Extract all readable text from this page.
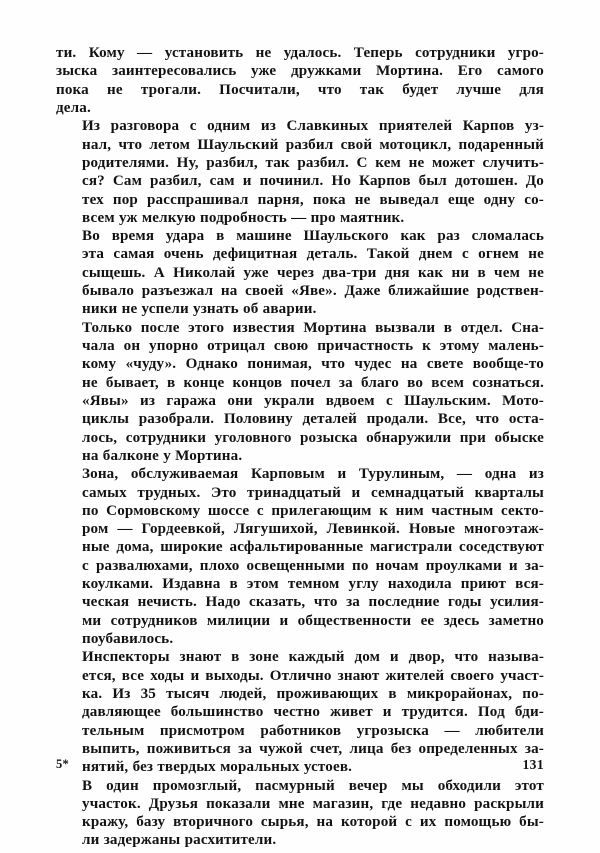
ти. Кому — установить не удалось. Теперь сотрудники угро-
зыска заинтересовались уже дружками Мортина. Его самого
пока не трогали. Посчитали, что так будет лучше для
дела.

Из разговора с одним из Славкиных приятелей Карпов уз-
нал, что летом Шаульский разбил свой мотоцикл, подаренный
родителями. Ну, разбил, так разбил. С кем не может случить-
ся? Сам разбил, сам и починил. Но Карпов был дотошен. До
тех пор расспрашивал парня, пока не выведал еще одну со-
всем уж мелкую подробность — про маятник.

Во время удара в машине Шаульского как раз сломалась
эта самая очень дефицитная деталь. Такой днем с огнем не
сыщешь. А Николай уже через два-три дня как ни в чем не
бывало разъезжал на своей «Яве». Даже ближайшие родствен-
ники не успели узнать об аварии.

Только после этого известия Мортина вызвали в отдел. Сна-
чала он упорно отрицал свою причастность к этому малень-
кому «чуду». Однако понимая, что чудес на свете вообще-то
не бывает, в конце концов почел за благо во всем сознаться.
«Явы» из гаража они украли вдвоем с Шаульским. Мото-
циклы разобрали. Половину деталей продали. Все, что оста-
лось, сотрудники уголовного розыска обнаружили при обыске
на балконе у Мортина.

Зона, обслуживаемая Карповым и Турулиным, — одна из
самых трудных. Это тринадцатый и семнадцатый кварталы
по Сормовскому шоссе с прилегающим к ним частным секто-
ром — Гордеевкой, Лягушихой, Левинкой. Новые многоэтаж-
ные дома, широкие асфальтированные магистрали соседствуют
с развалюхами, плохо освещенными по ночам проулками и за-
коулками. Издавна в этом темном углу находила приют вся-
ческая нечисть. Надо сказать, что за последние годы усилия-
ми сотрудников милиции и общественности ее здесь заметно
поубавилось.

Инспекторы знают в зоне каждый дом и двор, что называ-
ется, все ходы и выходы. Отлично знают жителей своего участ-
ка. Из 35 тысяч людей, проживающих в микрорайонах, по-
давляющее большинство честно живет и трудится. Под бди-
тельным присмотром работников угрозыска — любители
выпить, поживиться за чужой счет, лица без определенных за-
нятий, без твердых моральных устоев.

В один промозглый, пасмурный вечер мы обходили этот
участок. Друзья показали мне магазин, где недавно раскрыли
кражу, базу вторичного сырья, на которой с их помощью бы-
ли задержаны расхитители.

5*	131
